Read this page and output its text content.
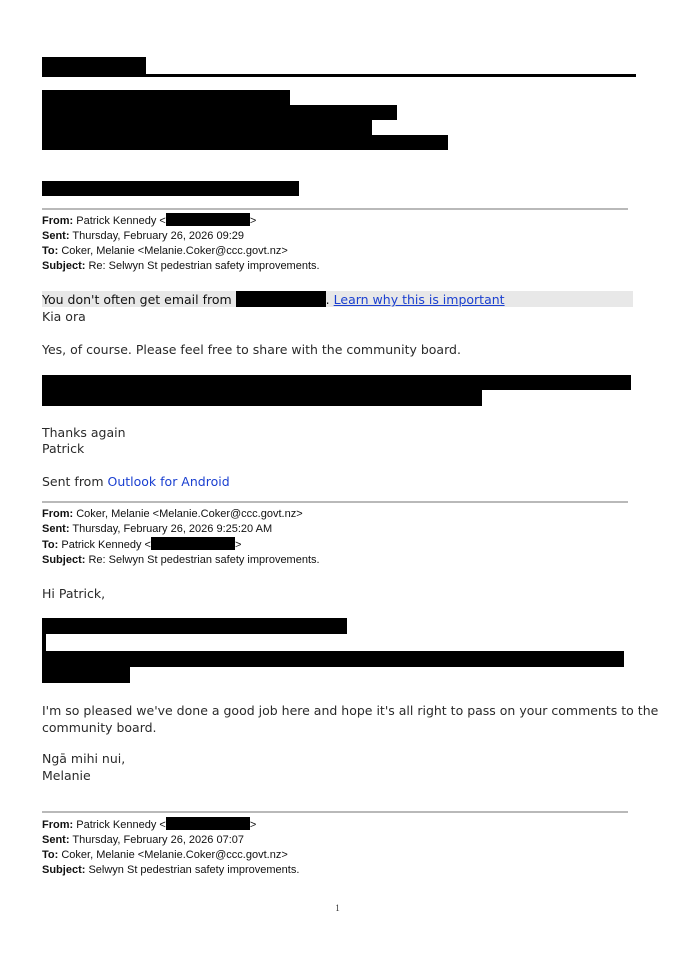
From: Patrick Kennedy <	>
Sent: Thursday, February 26, 2026 09:29
To: Coker, Melanie <Melanie.Coker@ccc.govt.nz>
Subject: Re: Selwyn St pedestrian safety improvements.
You don't often get email from	. Learn why this is important
Kia ora
Yes, of course. Please feel free to share with the community board.
Thanks again
Patrick
Sent from Outlook for Android
From: Coker, Melanie <Melanie.Coker@ccc.govt.nz>
Sent: Thursday, February 26, 2026 9:25:20 AM
To: Patrick Kennedy <	>
Subject: Re: Selwyn St pedestrian safety improvements.
Hi Patrick,
I'm so pleased we've done a good job here and hope it's all right to pass on your comments to the
community board.
Ngā mihi nui,
Melanie
From: Patrick Kennedy <	>
Sent: Thursday, February 26, 2026 07:07
To: Coker, Melanie <Melanie.Coker@ccc.govt.nz>
Subject: Selwyn St pedestrian safety improvements.
1
